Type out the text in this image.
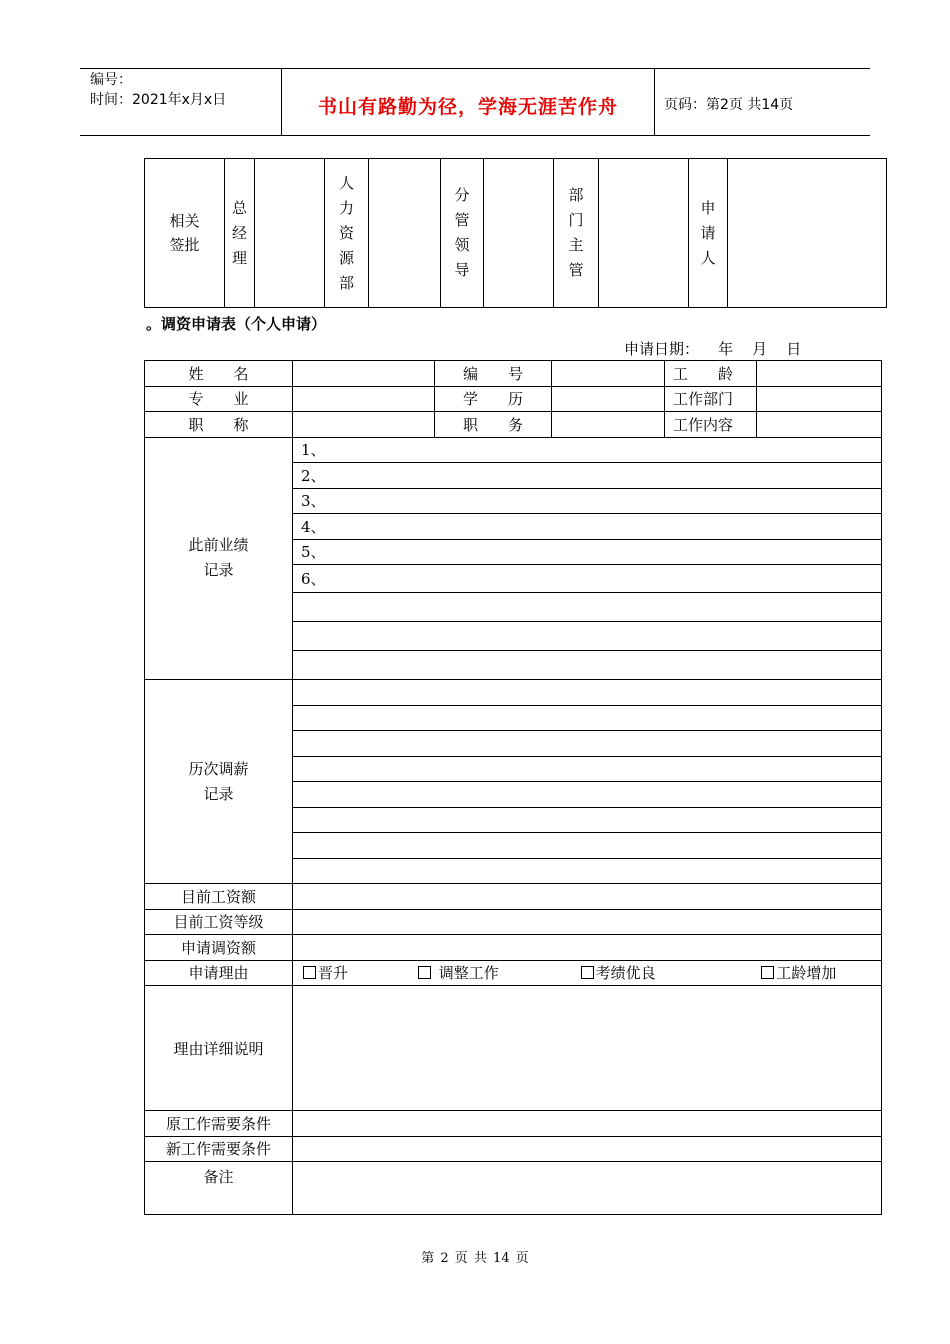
编号：
时间：2021年x月x日	书山有路勤为径，学海无涯苦作舟	页码：第2页 共14页
相关签批	总经理		人力资源部		分管领导		部门主管		申请人	
。调资申请表（个人申请）
申请日期：    年    月    日
姓　　名		编　　号		工　　龄	
专　　业		学　　历		工作部门	
职　　称		职　　务		工作内容	
此前业绩记录	1、				
	2、				
	3、				
	4、				
	5、				
	6、				

历次调薪记录					

目前工资额					
目前工资等级					
申请调资额					
申请理由	晋升 调整工作 考绩优良 工龄增加				
理由详细说明					
原工作需要条件					
新工作需要条件					
备注					
第 2 页 共 14 页
